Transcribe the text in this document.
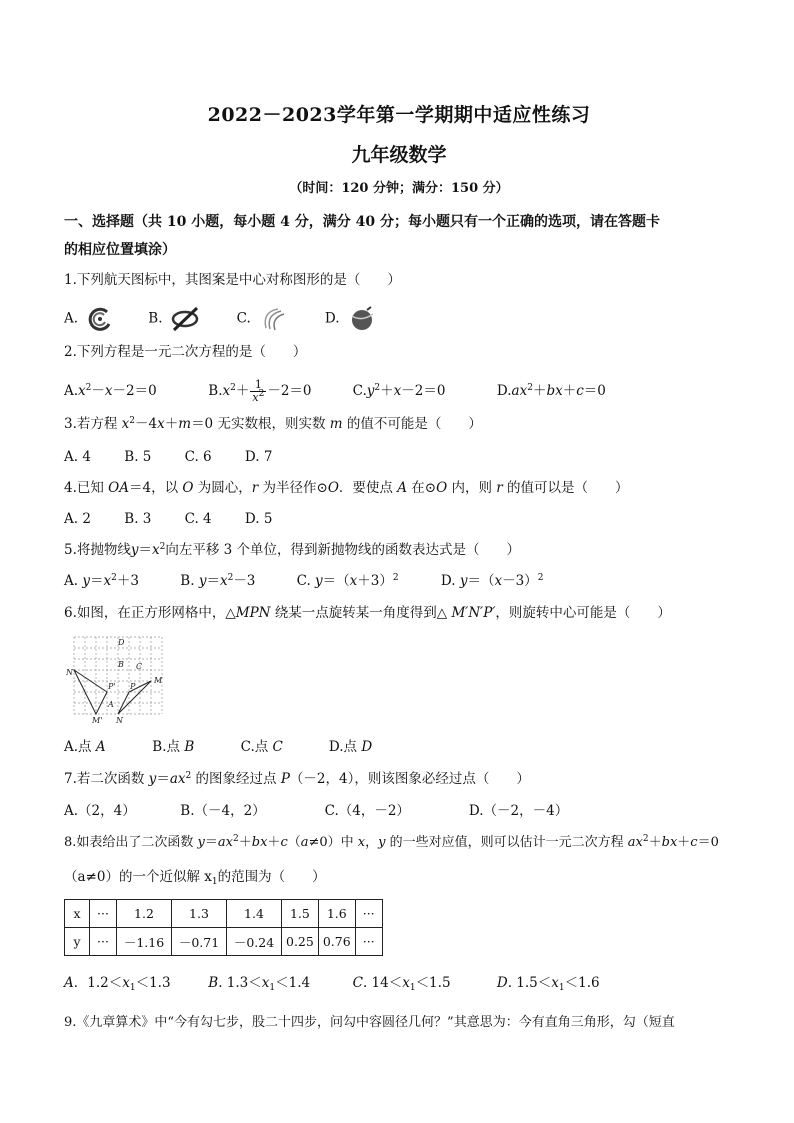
2022－2023学年第一学期期中适应性练习
九年级数学
（时间：120 分钟；满分：150 分）
一、选择题（共 10 小题，每小题 4 分，满分 40 分；每小题只有一个正确的选项，请在答题卡
的相应位置填涂）
1.下列航天图标中，其图案是中心对称图形的是（　　）
A.	B.	C.	D.
2.下列方程是一元二次方程的是（　　）
$A.x^2-x-2=0$	$B.x^2+ \frac{1}{x^2} -2=0$	$C.y^2+x-2=0$	$D.ax^2+bx+c=0$
3.若方程 $x^2-4x+m=0$ 无实数根，则实数 m 的值不可能是（　　）
A. 4 B. 5 C. 6 D. 7
4.已知 OA＝4，以 O 为圆心，r 为半径作⊙O．要使点 A 在⊙O 内，则 r 的值可以是（　　）
A. 2 B. 3 C. 4 D. 5
5.将抛物线$y=x^2$向左平移 3 个单位，得到新抛物线的函数表达式是（　　）
A. $y=x^2+3$	B. $y=x^2-3$	C. $y=(x+3)^2$	D. $y=(x-3)^2$
6.如图，在正方形网格中，△MPN 绕某一点旋转某一角度得到△ M′N′P′，则旋转中心可能是（　　）
D
B C
N'
P' P
A
M
M' N
A.点 A	B.点 B	C.点 C	D.点 D
7.若二次函数 $y=ax^2$ 的图象经过点 P（－2，4），则该图象必经过点（　　）
A.（2，4）	B.（－4，2）	C.（4，－2）	D.（－2，－4）
8.如表给出了二次函数 $y=ax^2+bx+c(a\ne 0)$中 x，y 的一些对应值，则可以估计一元二次方程 $ax^2+bx+c=0$
（a≠0）的一个近似解 $x_1$的范围为（　　）
x	···	1.2	1.3	1.4	1.5	1.6	···
y	···	－1.16	－0.71	－0.24	0.25	0.76	···
A．$1.2<x_1<1.3$	B. $1.3<x_1<1.4$	C. $14<x_1<1.5$	D. $1.5<x_1<1.6$
9.《九章算术》中“今有勾七步，股二十四步，问勾中容圆径几何？”其意思为：今有直角三角形，勾（短直
